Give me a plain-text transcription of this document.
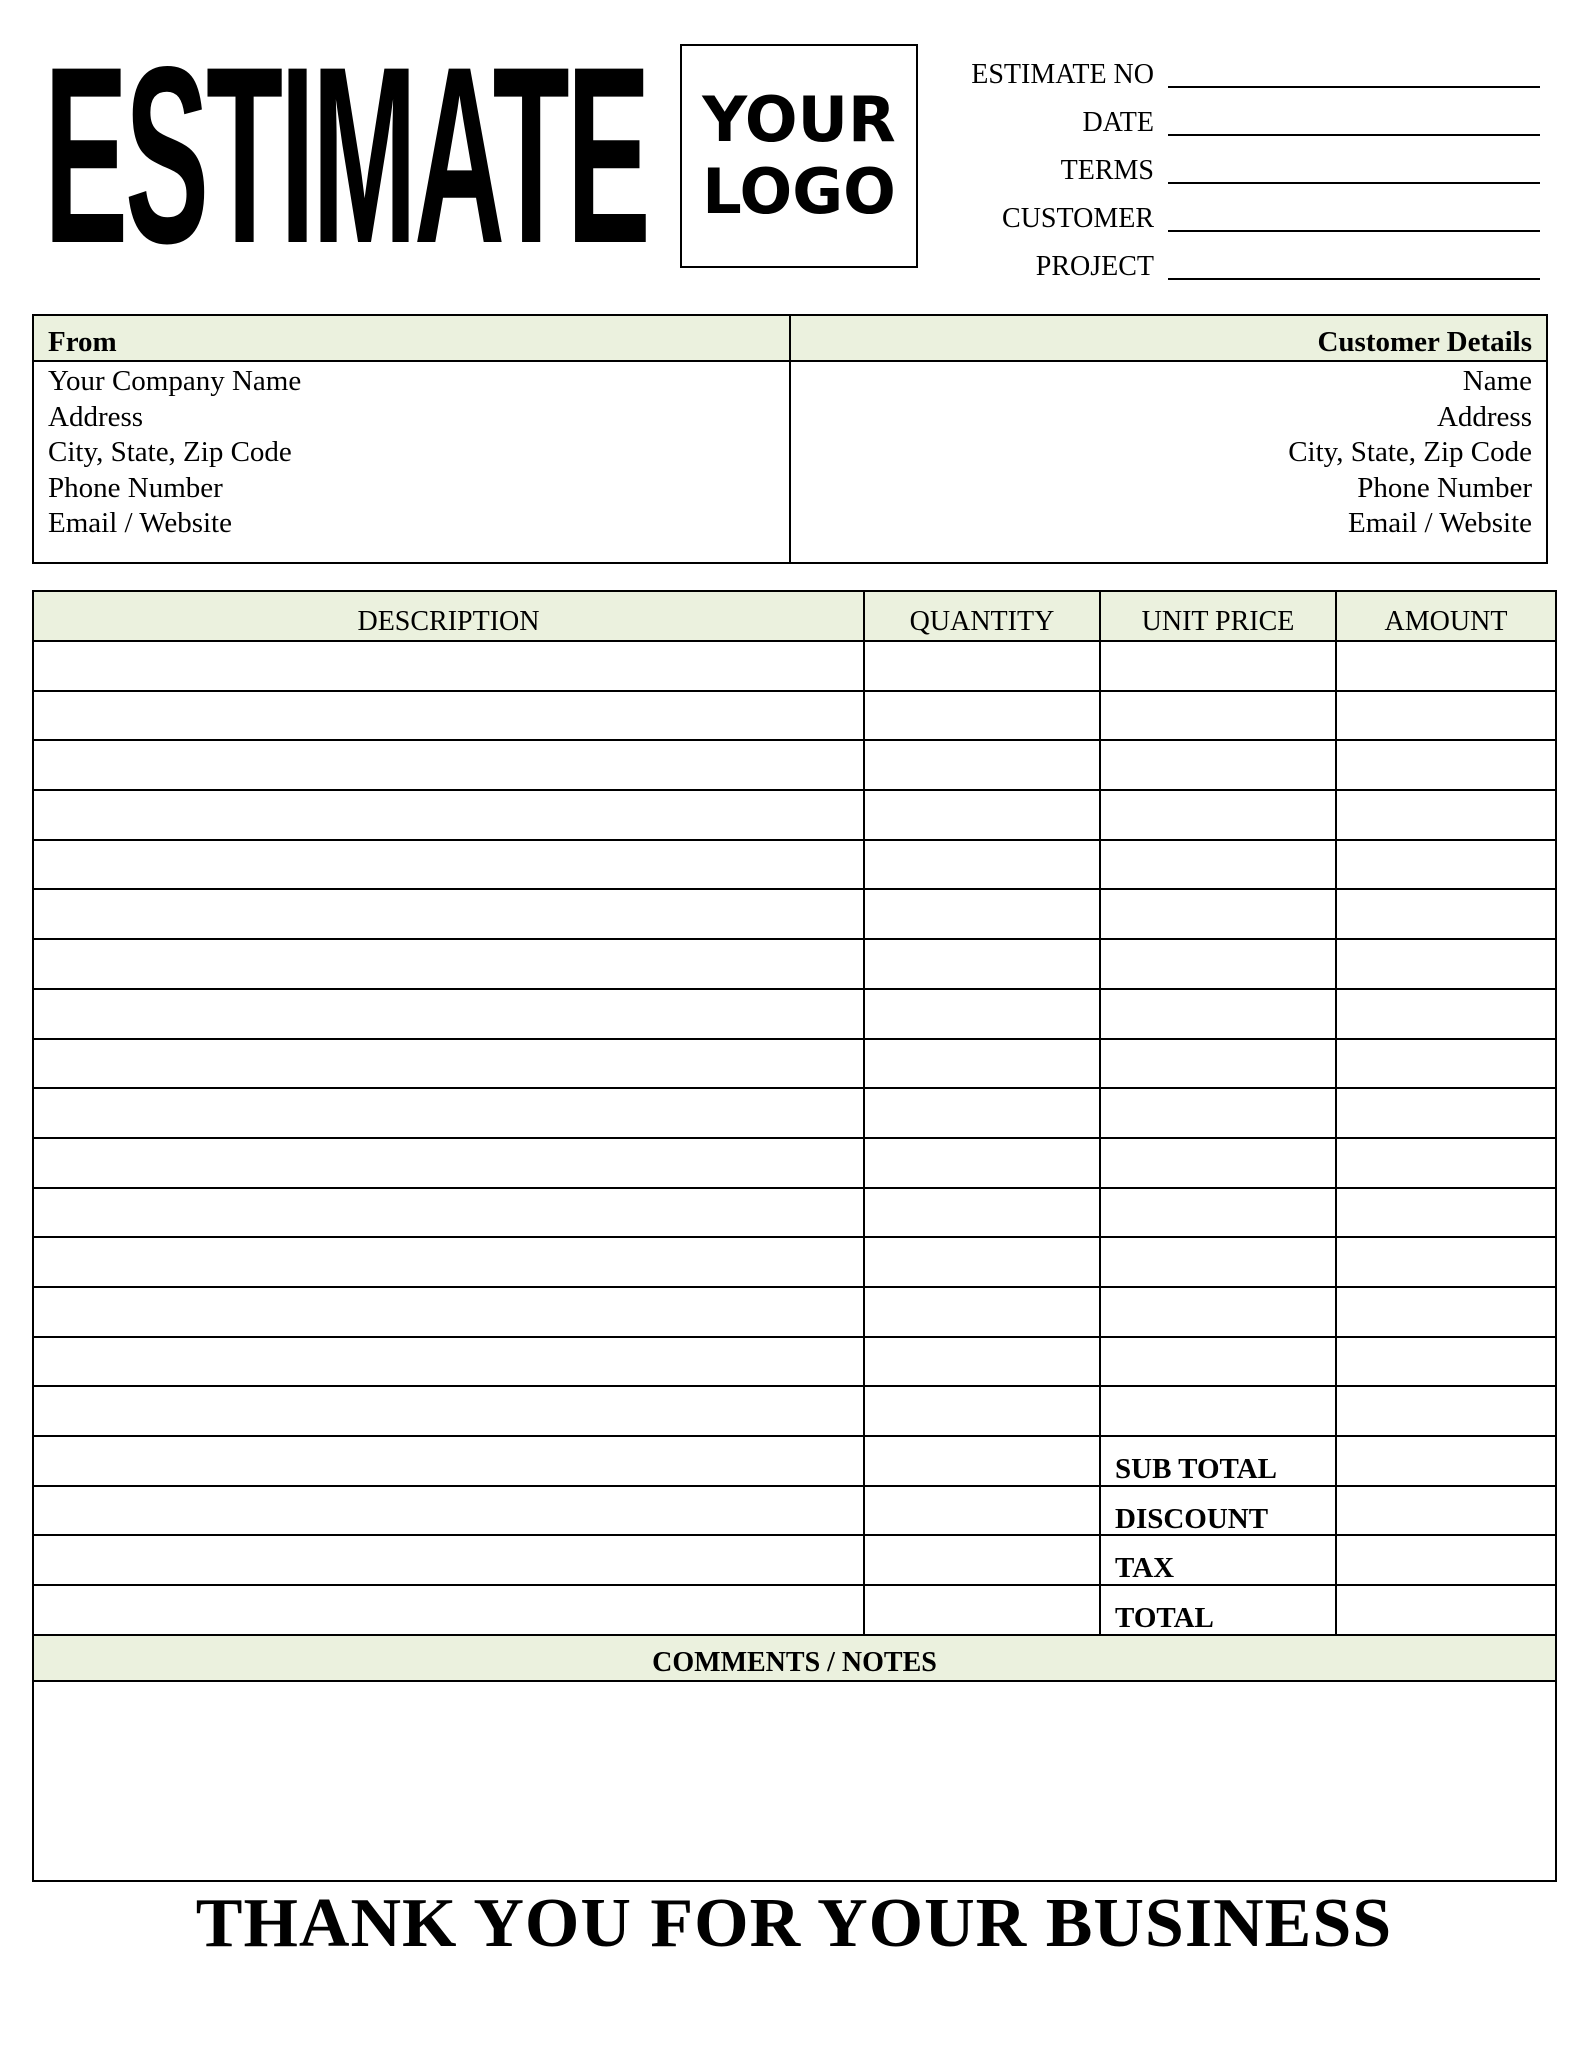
ESTIMATE YOUR
LOGO
ESTIMATE NO
DATE
TERMS
CUSTOMER
PROJECT
From
Your Company Name
Address
City, State, Zip Code
Phone Number
Email / Website
Customer Details
Name
Address
City, State, Zip Code
Phone Number
Email / Website
DESCRIPTION	QUANTITY	UNIT PRICE	AMOUNT
SUB TOTAL
DISCOUNT
TAX
TOTAL
COMMENTS / NOTES
THANK YOU FOR YOUR BUSINESS
